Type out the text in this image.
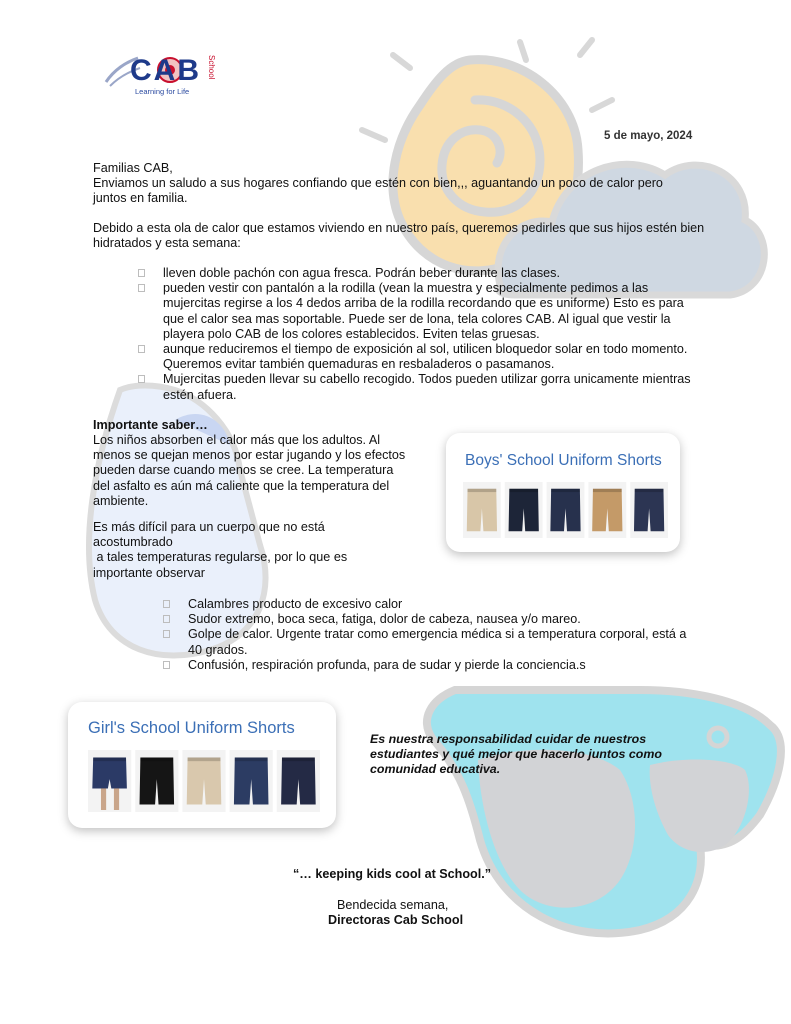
CAB School
Learning for Life
5 de mayo, 2024
Familias CAB,
Enviamos un saludo a sus hogares confiando que estén con bien,,, aguantando un poco de calor pero juntos en familia.
Debido a esta ola de calor que estamos viviendo en nuestro país, queremos pedirles que sus hijos estén bien hidratados y esta semana:
lleven doble pachón con agua fresca. Podrán beber durante las clases.
pueden vestir con pantalón a la rodilla (vean la muestra y especialmente pedimos a las mujercitas regirse a los 4 dedos arriba de la rodilla recordando que es uniforme) Esto es para que el calor sea mas soportable. Puede ser de lona, tela colores CAB. Al igual que vestir la playera polo CAB de los colores establecidos. Eviten telas gruesas.
aunque reduciremos el tiempo de exposición al sol, utilicen bloquedor solar en todo momento. Queremos evitar también quemaduras en resbaladeros o pasamanos.
Mujercitas pueden llevar su cabello recogido. Todos pueden utilizar gorra unicamente mientras estén afuera.
Importante saber…
Los niños absorben el calor más que los adultos. Al menos se quejan menos por estar jugando y los efectos pueden darse cuando menos se cree. La temperatura del asfalto es aún má caliente que la temperatura del ambiente.
Es más difícil para un cuerpo que no está acostumbrado
a tales temperaturas regularse, por lo que es importante observar
Boys' School Uniform Shorts
Calambres producto de excesivo calor
Sudor extremo, boca seca, fatiga, dolor de cabeza, nausea y/o mareo.
Golpe de calor. Urgente tratar como emergencia médica si a temperatura corporal, está a 40 grados.
Confusión, respiración profunda, para de sudar y pierde la conciencia.s
Girl's School Uniform Shorts
Es nuestra responsabilidad cuidar de nuestros estudiantes y qué mejor que hacerlo juntos como comunidad educativa.
“… keeping kids cool at School.”
Bendecida semana,
Directoras Cab School
